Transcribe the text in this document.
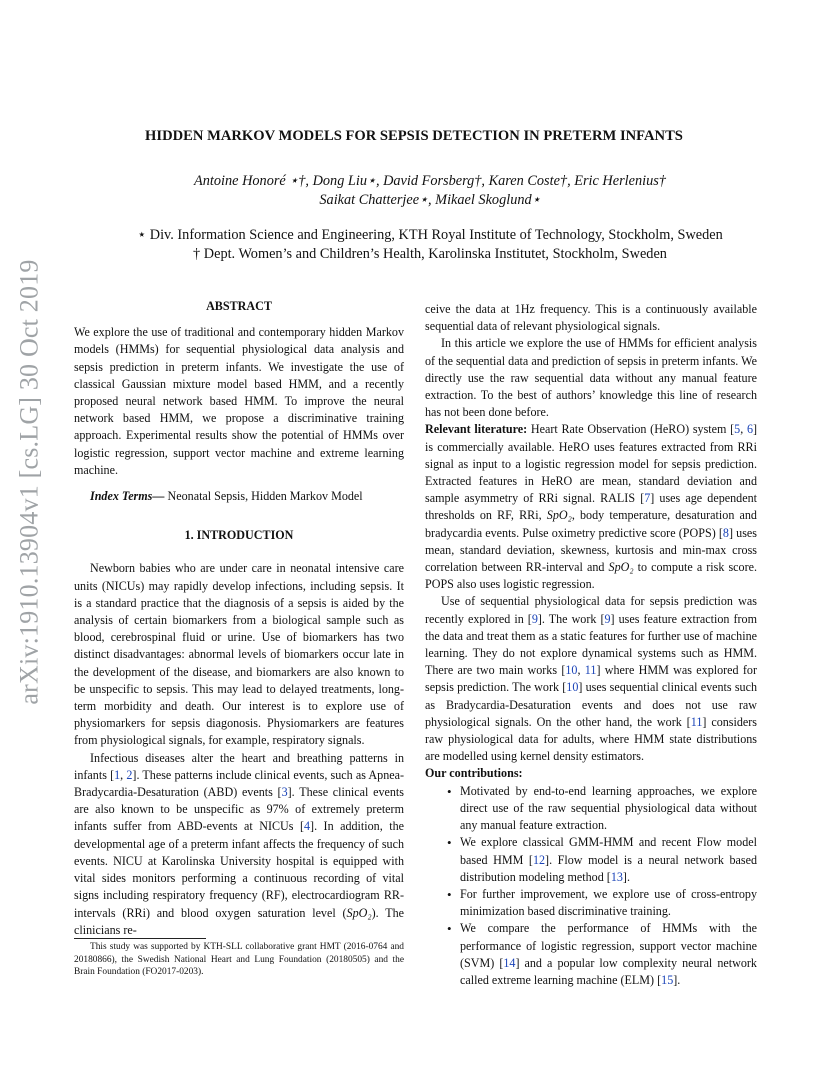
arXiv:1910.13904v1 [cs.LG] 30 Oct 2019
HIDDEN MARKOV MODELS FOR SEPSIS DETECTION IN PRETERM INFANTS
Antoine Honoré ⋆†, Dong Liu⋆, David Forsberg†, Karen Coste†, Eric Herlenius†
Saikat Chatterjee⋆, Mikael Skoglund⋆
⋆ Div. Information Science and Engineering, KTH Royal Institute of Technology, Stockholm, Sweden
† Dept. Women’s and Children’s Health, Karolinska Institutet, Stockholm, Sweden
ABSTRACT

We explore the use of traditional and contemporary hidden Markov models (HMMs) for sequential physiological data analysis and sepsis prediction in preterm infants. We investigate the use of classical Gaussian mixture model based HMM, and a recently proposed neural network based HMM. To improve the neural network based HMM, we propose a discriminative training approach. Experimental results show the potential of HMMs over logistic regression, support vector machine and extreme learning machine.

Index Terms— Neonatal Sepsis, Hidden Markov Model

1. INTRODUCTION

Newborn babies who are under care in neonatal intensive care units (NICUs) may rapidly develop infections, including sepsis. It is a standard practice that the diagnosis of a sepsis is aided by the analysis of certain biomarkers from a biological sample such as blood, cerebrospinal fluid or urine. Use of biomarkers has two distinct disadvantages: abnormal levels of biomarkers occur late in the development of the disease, and biomarkers are also known to be unspecific to sepsis. This may lead to delayed treatments, long-term morbidity and death. Our interest is to explore use of physiomarkers for sepsis diagonosis. Physiomarkers are features from physiological signals, for example, respiratory signals.

Infectious diseases alter the heart and breathing patterns in infants [1, 2]. These patterns include clinical events, such as Apnea-Bradycardia-Desaturation (ABD) events [3]. These clinical events are also known to be unspecific as 97% of extremely preterm infants suffer from ABD-events at NICUs [4]. In addition, the developmental age of a preterm infant affects the frequency of such events. NICU at Karolinska University hospital is equipped with vital sides monitors performing a continuous recording of vital signs including respiratory frequency (RF), electrocardiogram RR-intervals (RRi) and blood oxygen saturation level (SpO₂). The clinicians re-

This study was supported by KTH-SLL collaborative grant HMT (2016-0764 and 20180866), the Swedish National Heart and Lung Foundation (20180505) and the Brain Foundation (FO2017-0203).

ceive the data at 1Hz frequency. This is a continuously available sequential data of relevant physiological signals.

In this article we explore the use of HMMs for efficient analysis of the sequential data and prediction of sepsis in preterm infants. We directly use the raw sequential data without any manual feature extraction. To the best of authors’ knowledge this line of research has not been done before.

Relevant literature: Heart Rate Observation (HeRO) system [5, 6] is commercially available. HeRO uses features extracted from RRi signal as input to a logistic regression model for sepsis prediction. Extracted features in HeRO are mean, standard deviation and sample asymmetry of RRi signal. RALIS [7] uses age dependent thresholds on RF, RRi, SpO₂, body temperature, desaturation and bradycardia events. Pulse oximetry predictive score (POPS) [8] uses mean, standard deviation, skewness, kurtosis and min-max cross correlation between RR-interval and SpO₂ to compute a risk score. POPS also uses logistic regression.

Use of sequential physiological data for sepsis prediction was recently explored in [9]. The work [9] uses feature extraction from the data and treat them as a static features for further use of machine learning. They do not explore dynamical systems such as HMM. There are two main works [10, 11] where HMM was explored for sepsis prediction. The work [10] uses sequential clinical events such as Bradycardia-Desaturation events and does not use raw physiological signals. On the other hand, the work [11] considers raw physiological data for adults, where HMM state distributions are modelled using kernel density estimators.

Our contributions:
• Motivated by end-to-end learning approaches, we explore direct use of the raw sequential physiological data without any manual feature extraction.
• We explore classical GMM-HMM and recent Flow model based HMM [12]. Flow model is a neural network based distribution modeling method [13].
• For further improvement, we explore use of cross-entropy minimization based discriminative training.
• We compare the performance of HMMs with the performance of logistic regression, support vector machine (SVM) [14] and a popular low complexity neural network called extreme learning machine (ELM) [15].
